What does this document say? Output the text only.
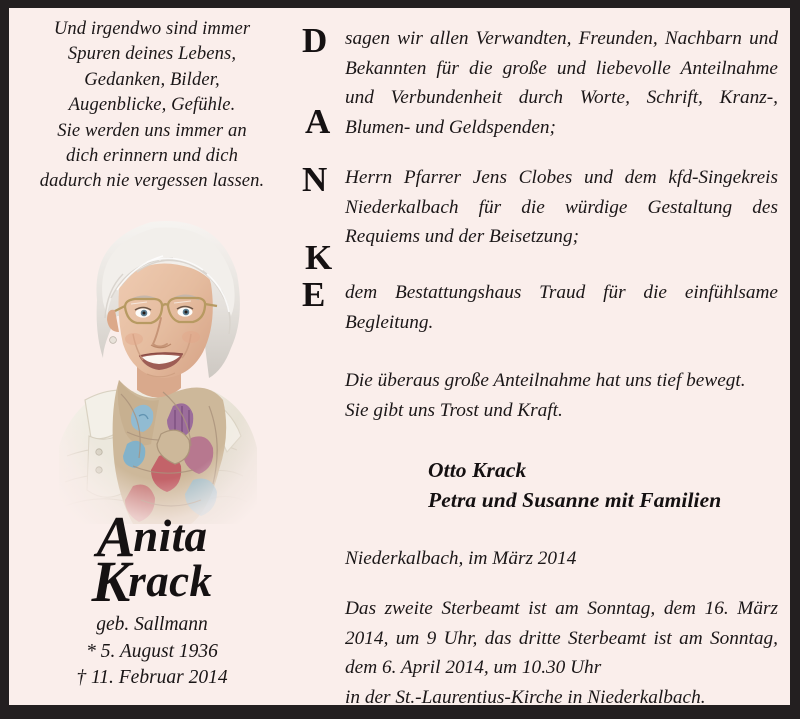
Und irgendwo sind immer
Spuren deines Lebens,
Gedanken, Bilder,
Augenblicke, Gefühle.
Sie werden uns immer an
dich erinnern und dich
dadurch nie vergessen lassen.
Anita
Krack
geb. Sallmann
* 5. August 1936
† 11. Februar 2014
D sagen wir allen Verwandten, Freunden, Nachbarn und Bekannten für die große und liebevolle Anteilnahme und Verbundenheit durch Worte, Schrift, Kranz-, Blumen- und Geldspenden;
A
N Herrn Pfarrer Jens Clobes und dem kfd-Singekreis Niederkalbach für die würdige Gestaltung des Requiems und der Beisetzung;
K
E	dem Bestattungshaus Traud für die einfühlsame Begleitung.
Die überaus große Anteilnahme hat uns tief bewegt.
Sie gibt uns Trost und Kraft.
Otto Krack
Petra und Susanne mit Familien
Niederkalbach, im März 2014
Das zweite Sterbeamt ist am Sonntag, dem 16. März 2014, um 9 Uhr, das dritte Sterbeamt ist am Sonntag, dem 6. April 2014, um 10.30 Uhr
in der St.-Laurentius-Kirche in Niederkalbach.
